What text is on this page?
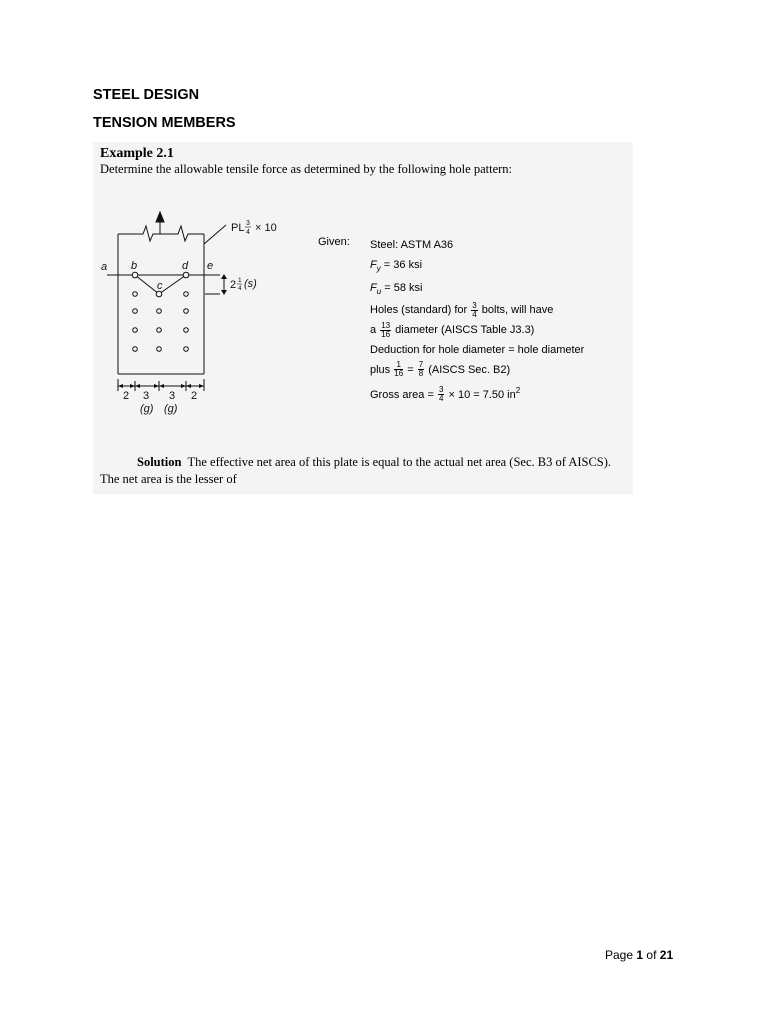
STEEL DESIGN
TENSION MEMBERS
Example 2.1
Determine the allowable tensile force as determined by the following hole pattern:
PL 3
4 × 10
a b
c
d e
2 1
4 (s)
2 3 3 2
(g) (g)
Given: Steel: ASTM A36
$F_y = 36$ ksi
$F_u = 58$ ksi
Holes (standard) for $\frac{3}{4}$ bolts, will have
a $\frac{13}{16}$ diameter (AISCS Table J3.3)
Deduction for hole diameter = hole diameter
plus $\frac{1}{16} = \frac{7}{8}$ (AISCS Sec. B2)
Gross area = $\frac{3}{4} \times 10 = 7.50$ $in^2$
Solution The effective net area of this plate is equal to the actual net area (Sec. B3 of AISCS). The net area is the lesser of
Page 1 of 21
